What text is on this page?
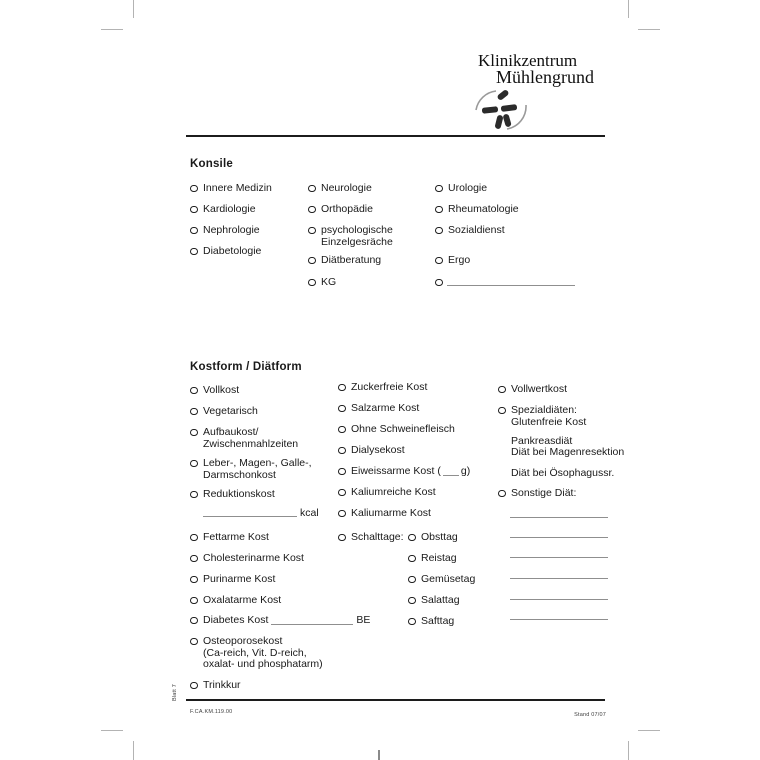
Klinikzentrum
Mühlengrund
Konsile
Innere Medizin
Kardiologie
Nephrologie
Diabetologie
Neurologie
Orthopädie
psychologische
Einzelgesräche
Diätberatung
KG
Urologie
Rheumatologie
Sozialdienst
Ergo
Kostform / Diätform
Vollkost
Vegetarisch
Aufbaukost/
Zwischenmahlzeiten
Leber-, Magen-, Galle-,
Darmschonkost
Reduktionskost
kcal
Fettarme Kost
Cholesterinarme Kost
Purinarme Kost
Oxalatarme Kost
Diabetes Kost	BE
Osteoporosekost
(Ca-reich, Vit. D-reich,
oxalat- und phosphatarm)
Trinkkur
Zuckerfreie Kost
Salzarme Kost
Ohne Schweinefleisch
Dialysekost
Eiweissarme Kost ( g)
Kaliumreiche Kost
Kaliumarme Kost
Schalttage: Obsttag
Reistag
Gemüsetag
Salattag
Safttag
Vollwertkost
Spezialdiäten:
Glutenfreie Kost
Pankreasdiät
Diät bei Magenresektion
Diät bei Ösophagussr.
Sonstige Diät:
F.CA.KM.119.00	Stand 07/07
Blatt 7
